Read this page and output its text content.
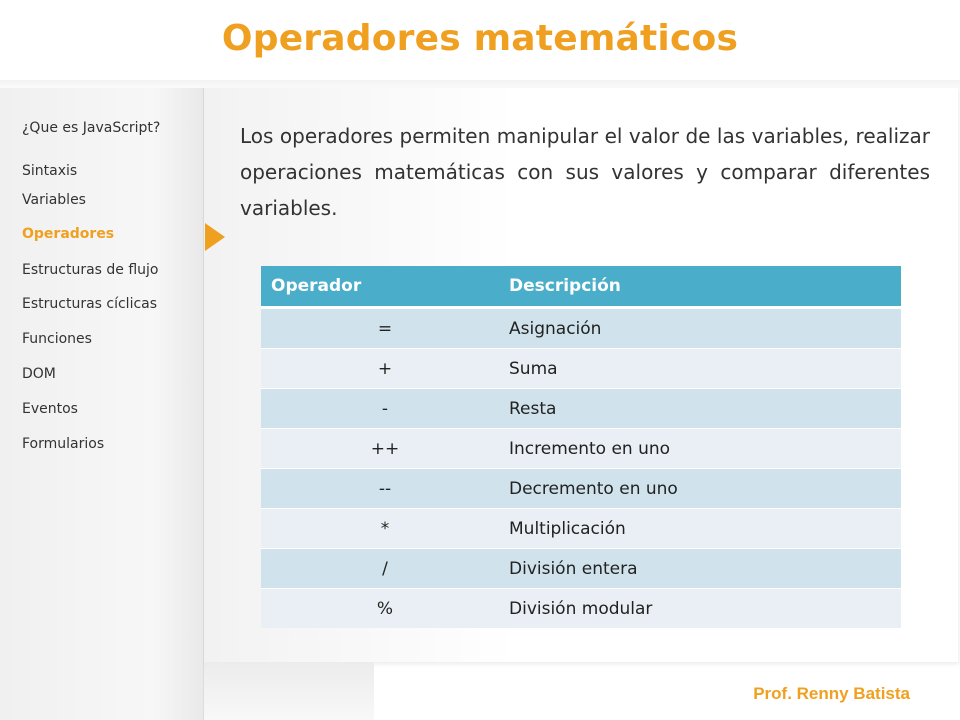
Operadores matemáticos
¿Que es JavaScript?
Sintaxis
Variables
Operadores
Estructuras de flujo
Estructuras cíclicas
Funciones
DOM
Eventos
Formularios
Los operadores permiten manipular el valor de las variables, realizar operaciones matemáticas con sus valores y comparar diferentes variables.
Operador	Descripción
=	Asignación
+	Suma
-	Resta
++	Incremento en uno
--	Decremento en uno
*	Multiplicación
/	División entera
%	División modular
Prof. Renny Batista
